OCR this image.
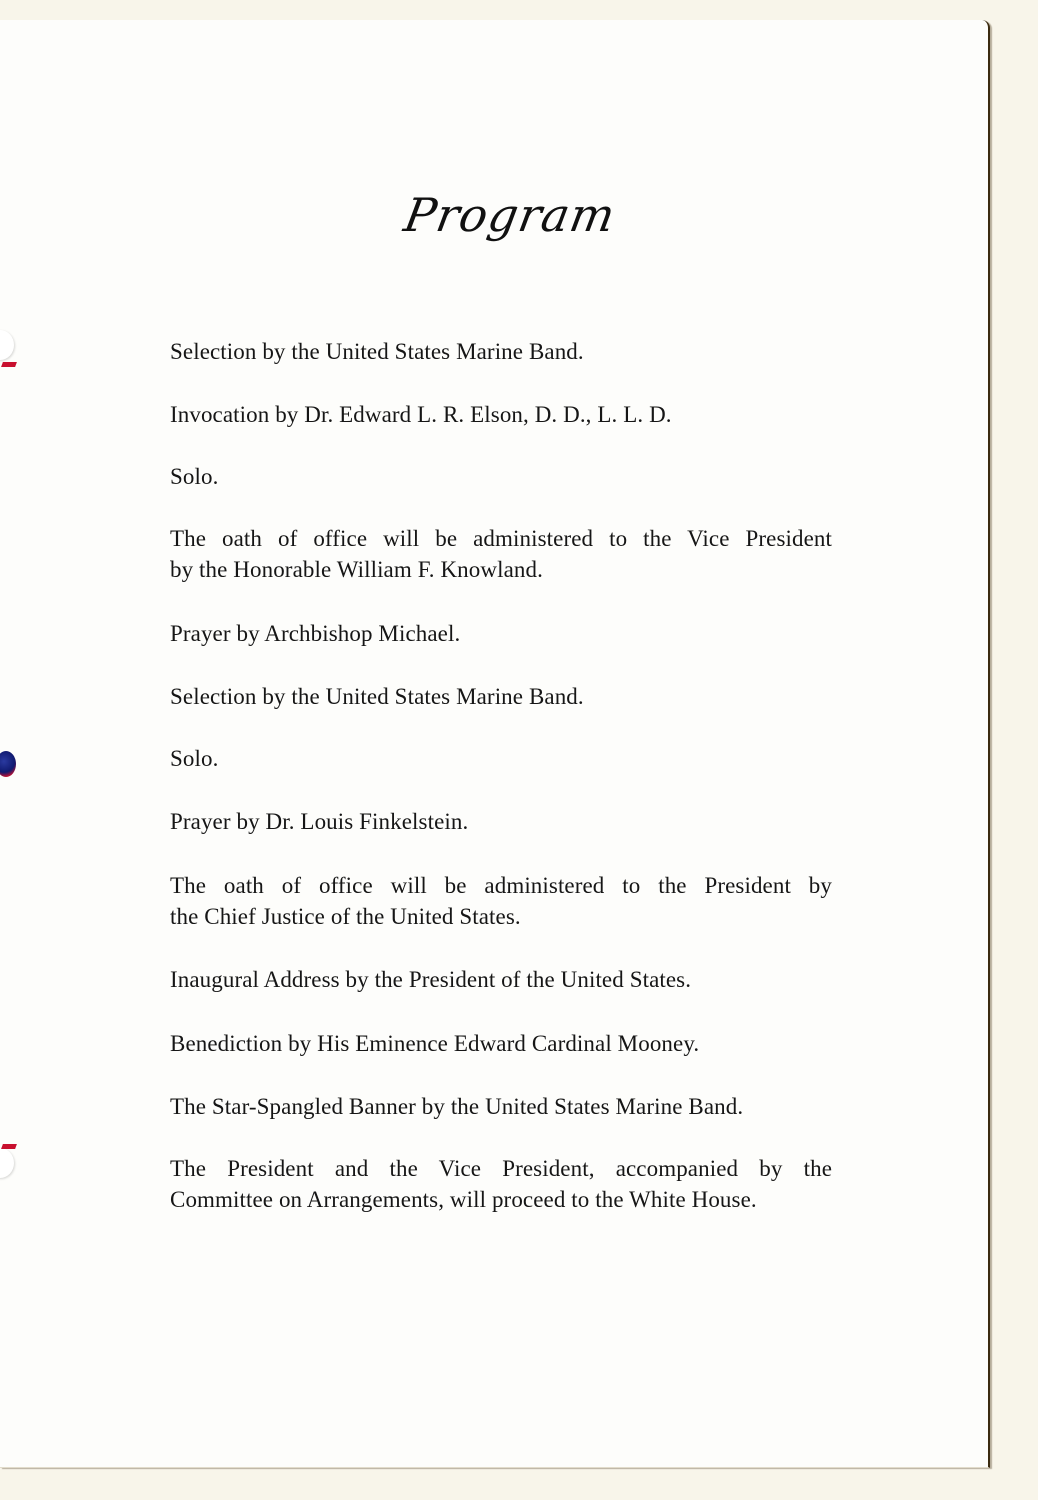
Program
Selection by the United States Marine Band.
Invocation by Dr. Edward L. R. Elson, D. D., L. L. D.
Solo.
The oath of office will be administered to the Vice President
by the Honorable William F. Knowland.
Prayer by Archbishop Michael.
Selection by the United States Marine Band.
Solo.
Prayer by Dr. Louis Finkelstein.
The oath of office will be administered to the President by
the Chief Justice of the United States.
Inaugural Address by the President of the United States.
Benediction by His Eminence Edward Cardinal Mooney.
The Star-Spangled Banner by the United States Marine Band.
The President and the Vice President, accompanied by the
Committee on Arrangements, will proceed to the White House.
